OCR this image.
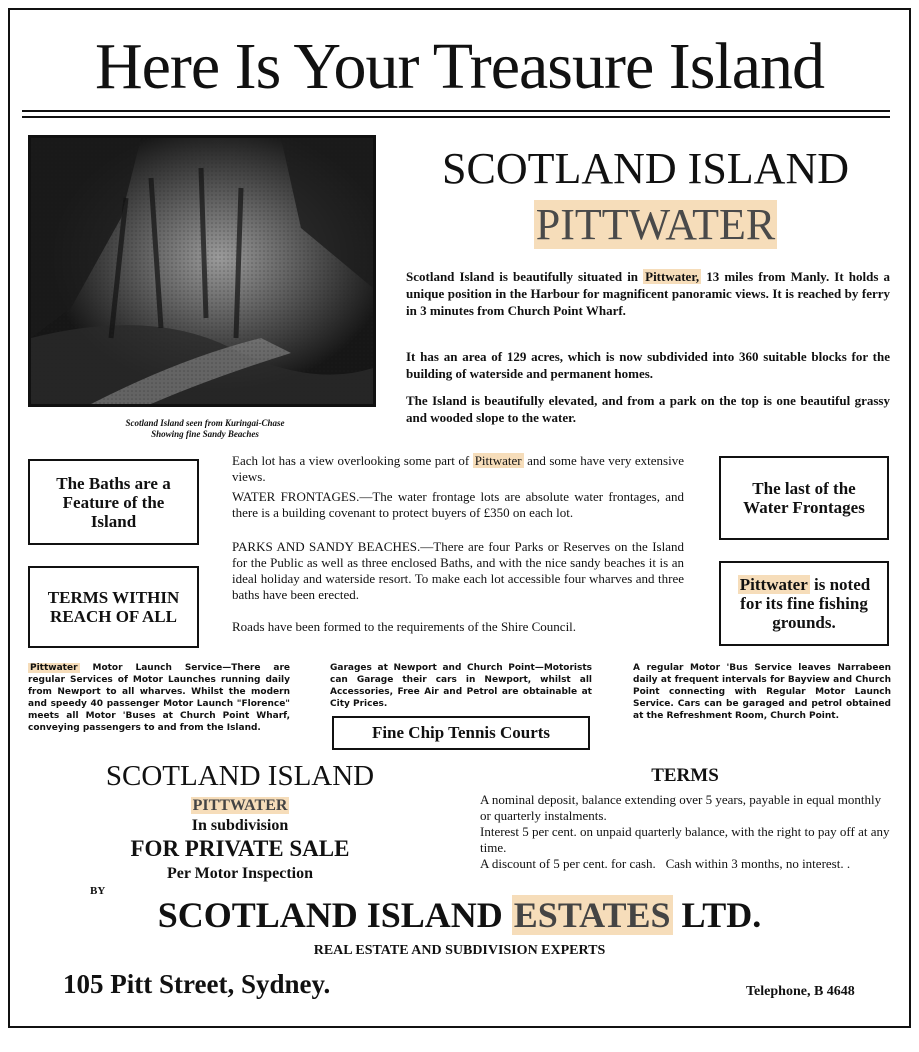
Here Is Your Treasure Island
Scotland Island seen from Kuringai-Chase
Showing fine Sandy Beaches
SCOTLAND ISLAND
PITTWATER
Scotland Island is beautifully situated in Pittwater, 13 miles from Manly. It holds a unique position in the Harbour for magnificent panoramic views. It is reached by ferry in 3 minutes from Church Point Wharf.
It has an area of 129 acres, which is now subdivided into 360 suitable blocks for the building of waterside and permanent homes.
The Island is beautifully elevated, and from a park on the top is one beautiful grassy and wooded slope to the water.
The Baths are a Feature of the Island
TERMS WITHIN REACH OF ALL
The last of the Water Frontages
Pittwater is noted for its fine fishing grounds.
Each lot has a view overlooking some part of Pittwater and some have very extensive views.
WATER FRONTAGES.—The water frontage lots are absolute water frontages, and there is a building covenant to protect buyers of £350 on each lot.
PARKS AND SANDY BEACHES.—There are four Parks or Reserves on the Island for the Public as well as three enclosed Baths, and with the nice sandy beaches it is an ideal holiday and waterside resort. To make each lot accessible four wharves and three baths have been erected.
Roads have been formed to the requirements of the Shire Council.
Pittwater Motor Launch Service—There are regular Services of Motor Launches running daily from Newport to all wharves. Whilst the modern and speedy 40 passenger Motor Launch "Florence" meets all Motor 'Buses at Church Point Wharf, conveying passengers to and from the Island.
Garages at Newport and Church Point—Motorists can Garage their cars in Newport, whilst all Accessories, Free Air and Petrol are obtainable at City Prices.
Fine Chip Tennis Courts
A regular Motor 'Bus Service leaves Narrabeen daily at frequent intervals for Bayview and Church Point connecting with Regular Motor Launch Service. Cars can be garaged and petrol obtained at the Refreshment Room, Church Point.
SCOTLAND ISLAND
PITTWATER
In subdivision
FOR PRIVATE SALE
Per Motor Inspection
BY
TERMS
A nominal deposit, balance extending over 5 years, payable in equal monthly or quarterly instalments.
Interest 5 per cent. on unpaid quarterly balance, with the right to pay off at any time.
A discount of 5 per cent. for cash. Cash within 3 months, no interest. .
SCOTLAND ISLAND ESTATES LTD.
REAL ESTATE AND SUBDIVISION EXPERTS
105 Pitt Street, Sydney.	Telephone, B 4648
